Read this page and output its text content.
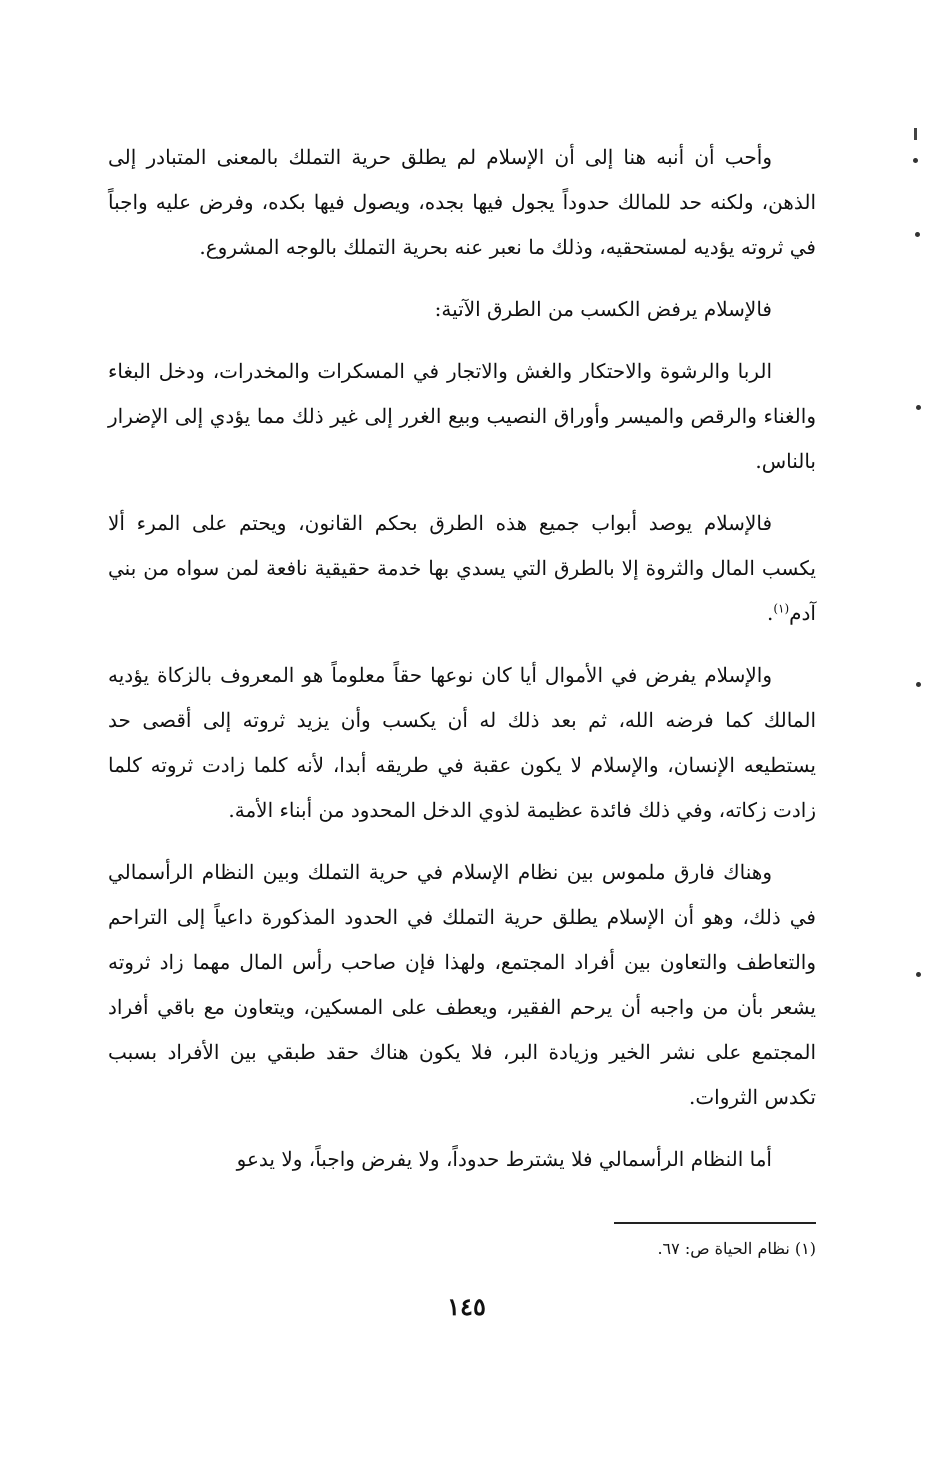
وأحب أن أنبه هنا إلى أن الإسلام لم يطلق حرية التملك بالمعنى المتبادر إلى الذهن، ولكنه حد للمالك حدوداً يجول فيها بجده، ويصول فيها بكده، وفرض عليه واجباً في ثروته يؤديه لمستحقيه، وذلك ما نعبر عنه بحرية التملك بالوجه المشروع.

فالإسلام يرفض الكسب من الطرق الآتية:

الربا والرشوة والاحتكار والغش والاتجار في المسكرات والمخدرات، ودخل البغاء والغناء والرقص والميسر وأوراق النصيب وبيع الغرر إلى غير ذلك مما يؤدي إلى الإضرار بالناس.

فالإسلام يوصد أبواب جميع هذه الطرق بحكم القانون، ويحتم على المرء ألا يكسب المال والثروة إلا بالطرق التي يسدي بها خدمة حقيقية نافعة لمن سواه من بني آدم$^{(١)}$.

والإسلام يفرض في الأموال أيا كان نوعها حقاً معلوماً هو المعروف بالزكاة يؤديه المالك كما فرضه الله، ثم بعد ذلك له أن يكسب وأن يزيد ثروته إلى أقصى حد يستطيعه الإنسان، والإسلام لا يكون عقبة في طريقه أبدا، لأنه كلما زادت ثروته كلما زادت زكاته، وفي ذلك فائدة عظيمة لذوي الدخل المحدود من أبناء الأمة.

وهناك فارق ملموس بين نظام الإسلام في حرية التملك وبين النظام الرأسمالي في ذلك، وهو أن الإسلام يطلق حرية التملك في الحدود المذكورة داعياً إلى التراحم والتعاطف والتعاون بين أفراد المجتمع، ولهذا فإن صاحب رأس المال مهما زاد ثروته يشعر بأن من واجبه أن يرحم الفقير، ويعطف على المسكين، ويتعاون مع باقي أفراد المجتمع على نشر الخير وزيادة البر، فلا يكون هناك حقد طبقي بين الأفراد بسبب تكدس الثروات.

أما النظام الرأسمالي فلا يشترط حدوداً، ولا يفرض واجباً، ولا يدعو

(١) نظام الحياة ص: ٦٧.
١٤٥
